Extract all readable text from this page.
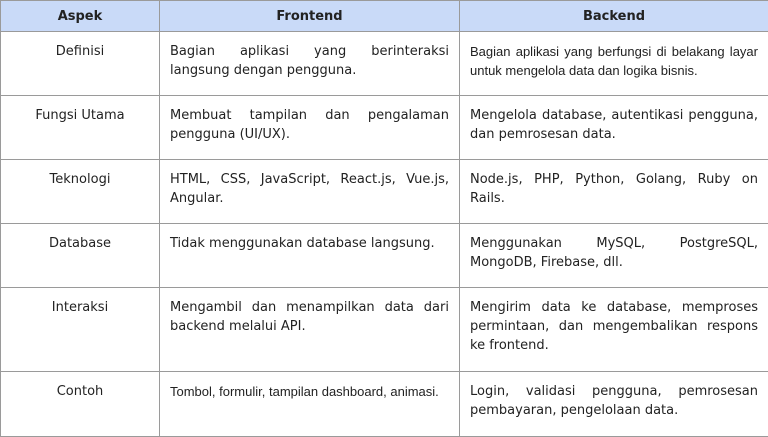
Aspek	Frontend	Backend
Definisi	Bagian aplikasi yang berinteraksi langsung dengan pengguna.	Bagian aplikasi yang berfungsi di belakang layar untuk mengelola data dan logika bisnis.
Fungsi Utama	Membuat tampilan dan pengalaman pengguna (UI/UX).	Mengelola database, autentikasi pengguna, dan pemrosesan data.
Teknologi	HTML, CSS, JavaScript, React.js, Vue.js, Angular.	Node.js, PHP, Python, Golang, Ruby on Rails.
Database	Tidak menggunakan database langsung.	Menggunakan MySQL, PostgreSQL, MongoDB, Firebase, dll.
Interaksi	Mengambil dan menampilkan data dari backend melalui API.	Mengirim data ke database, memproses permintaan, dan mengembalikan respons ke frontend.
Contoh	Tombol, formulir, tampilan dashboard, animasi.	Login, validasi pengguna, pemrosesan pembayaran, pengelolaan data.
